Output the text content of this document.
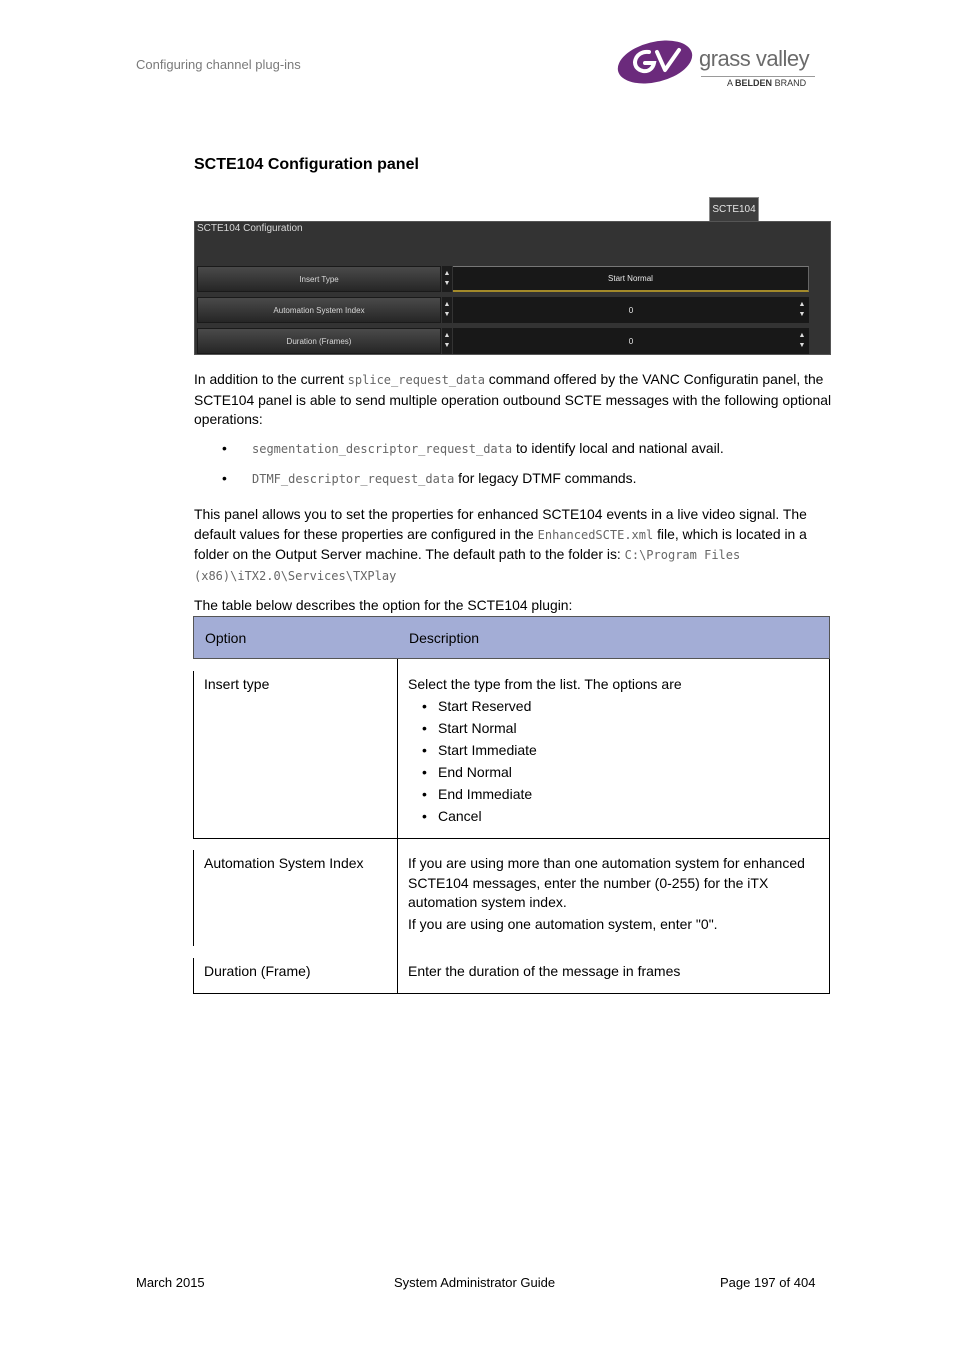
Configuring channel plug-ins	grass valley
A BELDEN BRAND
SCTE104 Configuration panel
SCTE104
SCTE104 Configuration
Insert Type
▲
▼
Start Normal
Automation System Index
▲
▼	0
▲
▼
Duration (Frames)
▲
▼	0
▲
▼
In addition to the current splice_request_data command offered by the VANC Configuratin panel, the SCTE104 panel is able to send multiple operation outbound SCTE messages with the following optional operations:
• segmentation_descriptor_request_data to identify local and national avail.
• DTMF_descriptor_request_data for legacy DTMF commands.
This panel allows you to set the properties for enhanced SCTE104 events in a live video signal. The default values for these properties are configured in the EnhancedSCTE.xml file, which is located in a folder on the Output Server machine. The default path to the folder is: C:\Program Files (x86)\iTX2.0\Services\TXPlay
The table below describes the option for the SCTE104 plugin:
Option	Description
Insert type	Select the type from the list. The options are
• Start Reserved
• Start Normal
• Start Immediate
• End Normal
• End Immediate
• Cancel
Automation System Index	If you are using more than one automation system for enhanced SCTE104 messages, enter the number (0-255) for the iTX automation system index.
If you are using one automation system, enter "0".
Duration (Frame)	Enter the duration of the message in frames
March 2015	System Administrator Guide	Page 197 of 404
